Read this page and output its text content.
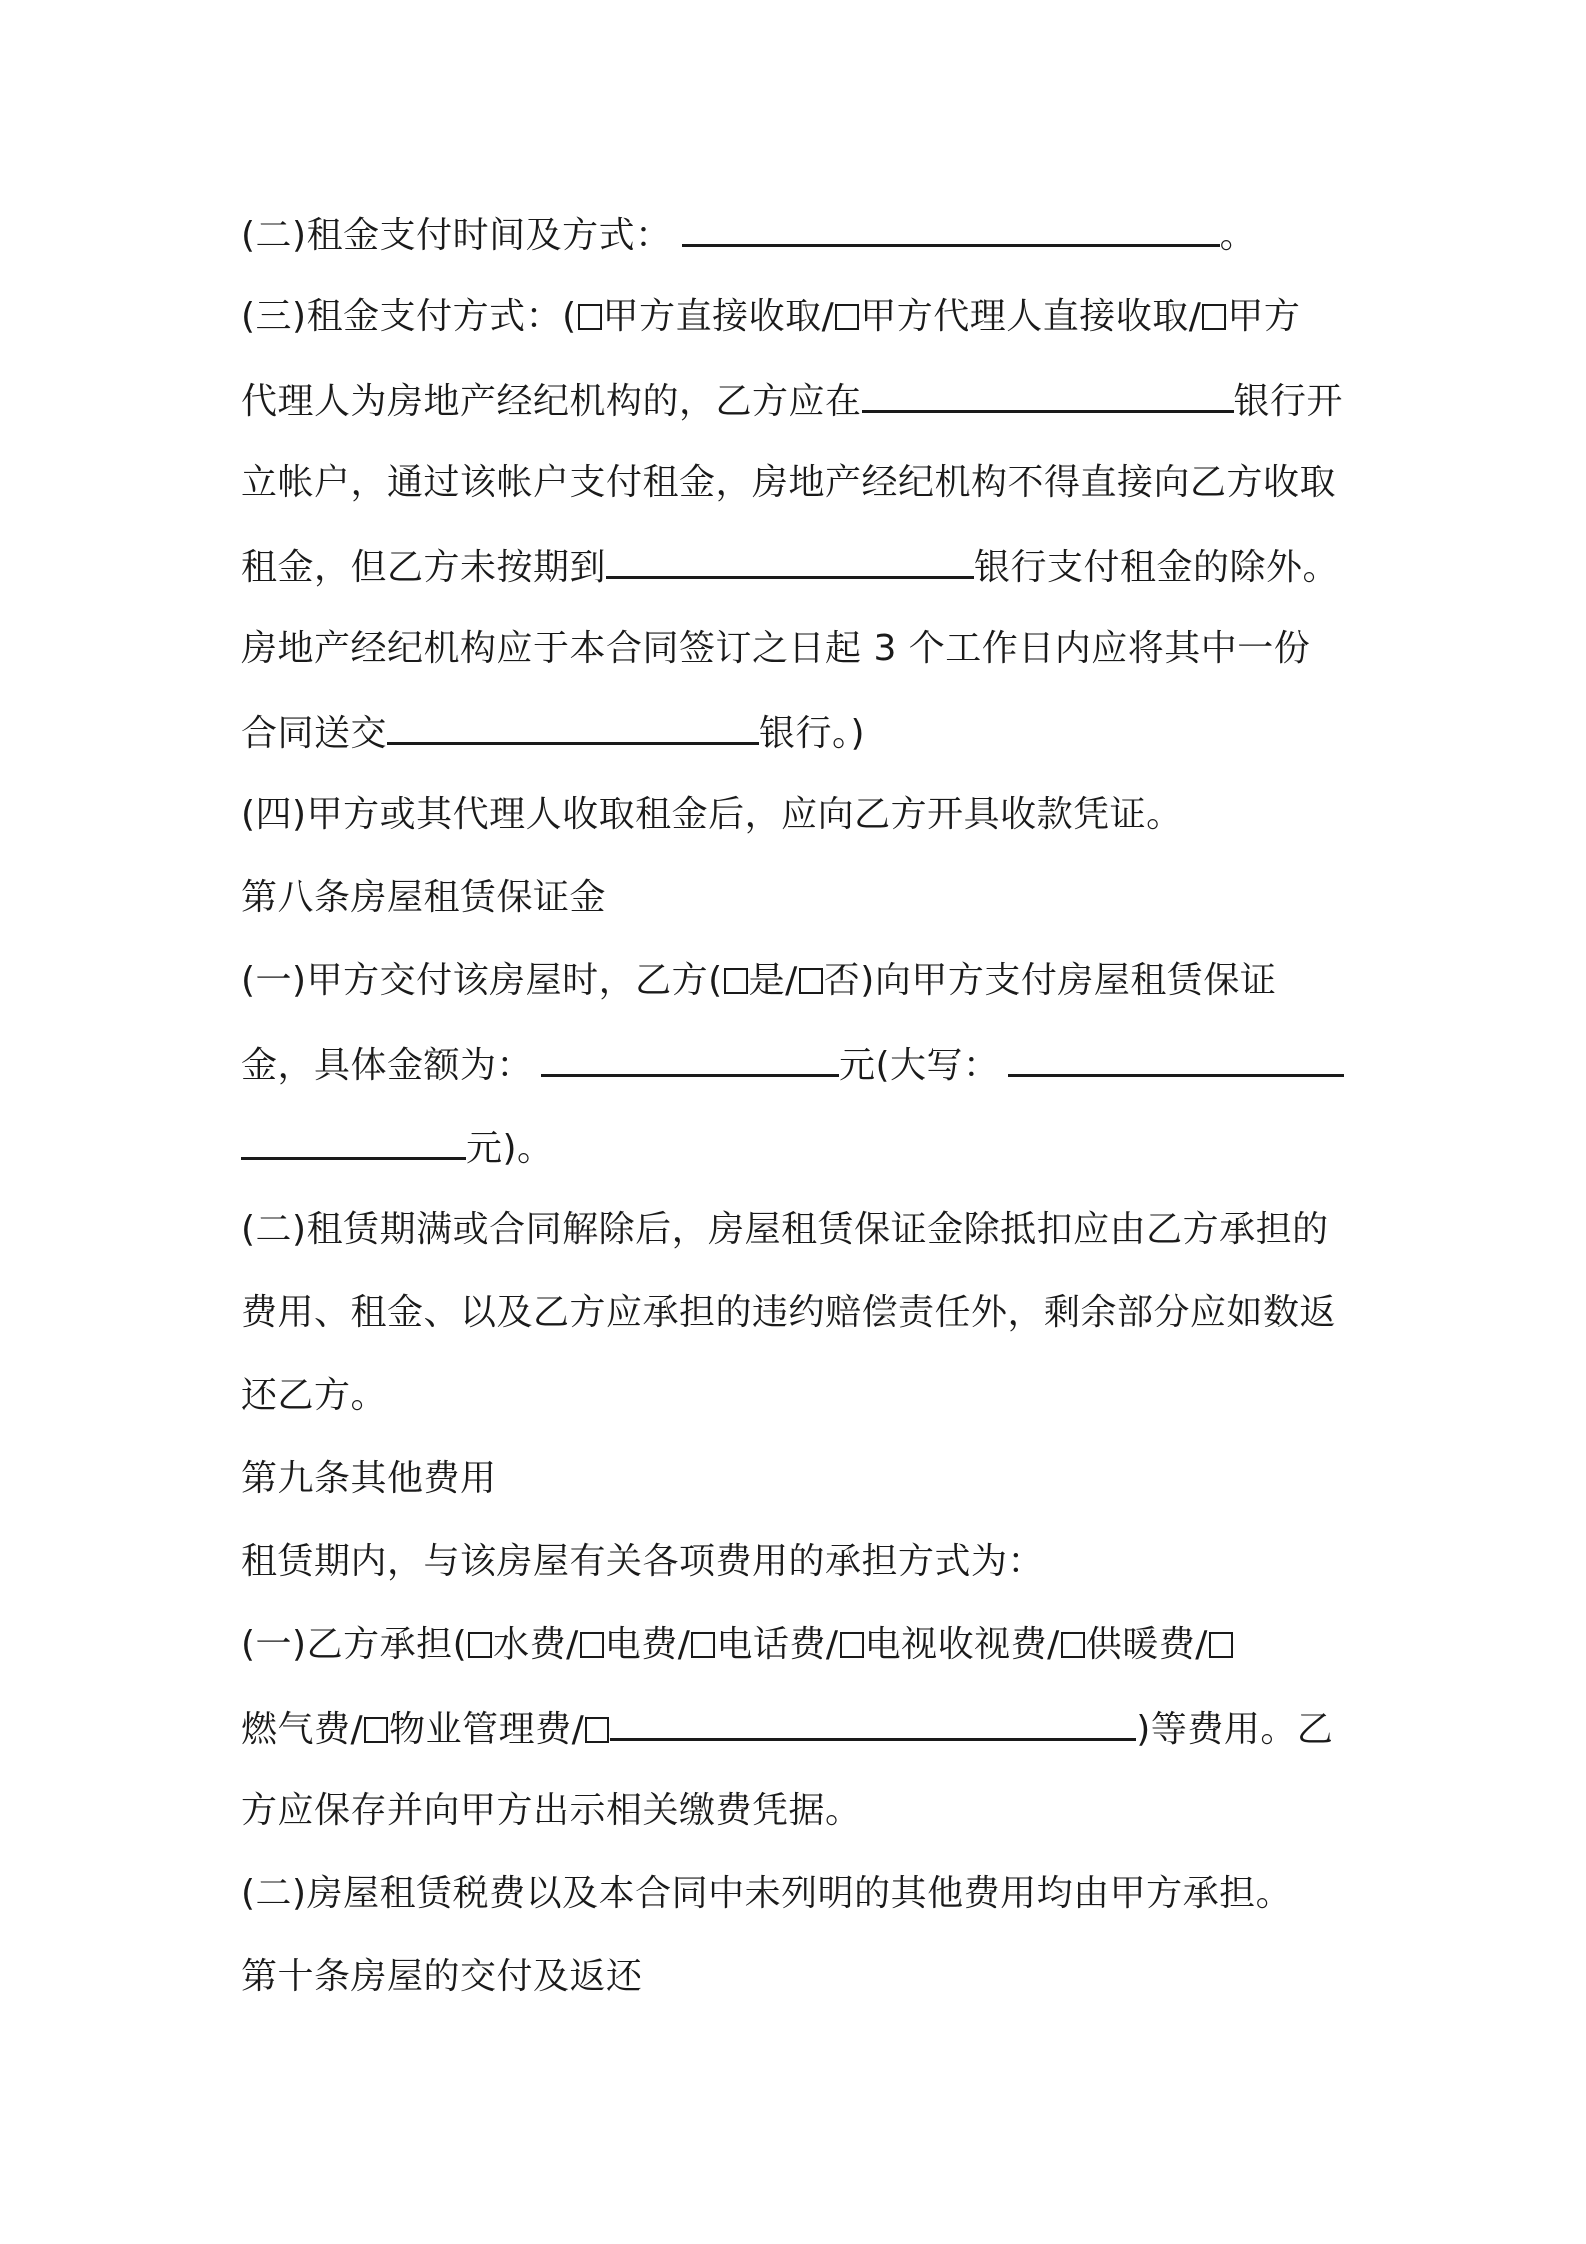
(二)租金支付时间及方式：	。
(三)租金支付方式：( 甲方直接收取/ 甲方代理人直接收取/ 甲方
代理人为房地产经纪机构的，乙方应在	银行开
立帐户，通过该帐户支付租金，房地产经纪机构不得直接向乙方收取
租金，但乙方未按期到	银行支付租金的除外。
房地产经纪机构应于本合同签订之日起 3 个工作日内应将其中一份
合同送交	银行。)
(四)甲方或其代理人收取租金后，应向乙方开具收款凭证。
第八条房屋租赁保证金
(一)甲方交付该房屋时，乙方( 是/ 否)向甲方支付房屋租赁保证
金，具体金额为：	元(大写：
元)。
(二)租赁期满或合同解除后，房屋租赁保证金除抵扣应由乙方承担的
费用、租金、以及乙方应承担的违约赔偿责任外，剩余部分应如数返
还乙方。
第九条其他费用
租赁期内，与该房屋有关各项费用的承担方式为：
(一)乙方承担( 水费/ 电费/ 电话费/ 电视收视费/ 供暖费/
燃气费/ 物业管理费/	)等费用。乙
方应保存并向甲方出示相关缴费凭据。
(二)房屋租赁税费以及本合同中未列明的其他费用均由甲方承担。
第十条房屋的交付及返还
